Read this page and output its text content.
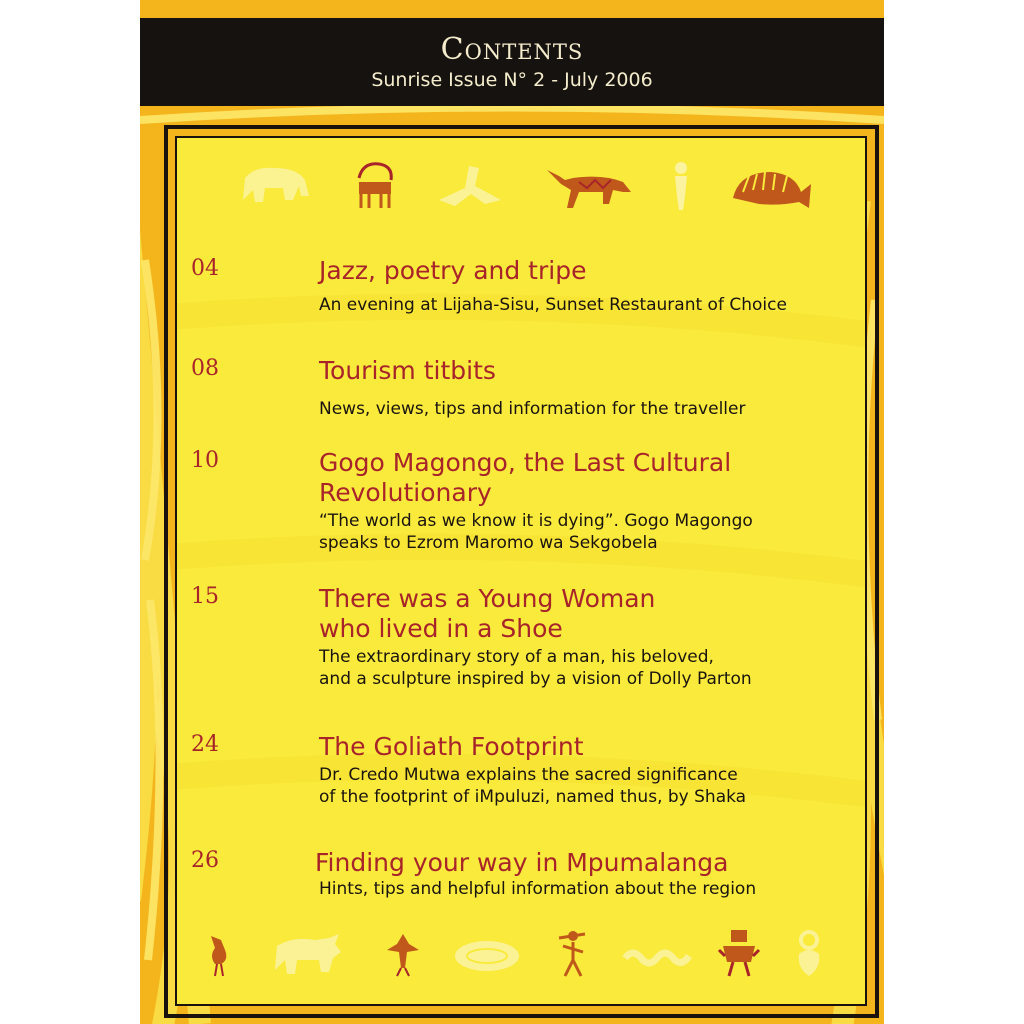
Contents
Sunrise Issue N° 2 - July 2006
04	Jazz, poetry and tripe
An evening at Lijaha-Sisu, Sunset Restaurant of Choice
08	Tourism titbits
News, views, tips and information for the traveller
10	Gogo Magongo, the Last Cultural
Revolutionary
“The world as we know it is dying”. Gogo Magongo
speaks to Ezrom Maromo wa Sekgobela
15	There was a Young Woman
who lived in a Shoe
The extraordinary story of a man, his beloved,
and a sculpture inspired by a vision of Dolly Parton
24	The Goliath Footprint
Dr. Credo Mutwa explains the sacred significance
of the footprint of iMpuluzi, named thus, by Shaka
26	Finding your way in Mpumalanga
Hints, tips and helpful information about the region
